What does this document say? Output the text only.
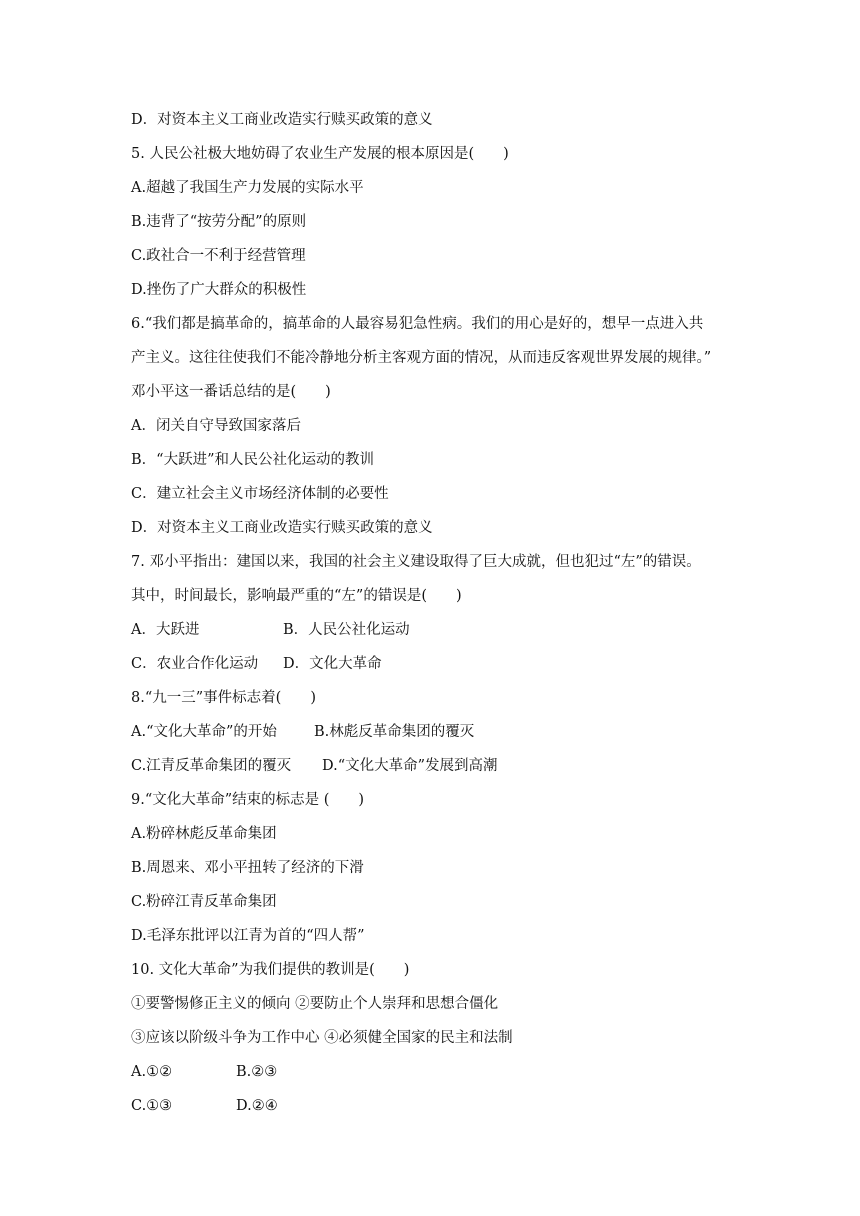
D．对资本主义工商业改造实行赎买政策的意义
5. 人民公社极大地妨碍了农业生产发展的根本原因是(　　)
A.超越了我国生产力发展的实际水平
B.违背了“按劳分配”的原则
C.政社合一不利于经营管理
D.挫伤了广大群众的积极性
6.“我们都是搞革命的，搞革命的人最容易犯急性病。我们的用心是好的，想早一点进入共
产主义。这往往使我们不能冷静地分析主客观方面的情况，从而违反客观世界发展的规律。”
邓小平这一番话总结的是(　　)
A．闭关自守导致国家落后
B．“大跃进”和人民公社化运动的教训
C．建立社会主义市场经济体制的必要性
D．对资本主义工商业改造实行赎买政策的意义
7. 邓小平指出：建国以来，我国的社会主义建设取得了巨大成就，但也犯过“左”的错误。
其中，时间最长，影响最严重的“左”的错误是(　　)
A．大跃进	B．人民公社化运动
C．农业合作化运动 D．文化大革命
8.“九一三”事件标志着(　　)
A.“文化大革命”的开始	B.林彪反革命集团的覆灭
C.江青反革命集团的覆灭 D.“文化大革命”发展到高潮
9.“文化大革命”结束的标志是 (　　)
A.粉碎林彪反革命集团
B.周恩来、邓小平扭转了经济的下滑
C.粉碎江青反革命集团
D.毛泽东批评以江青为首的“四人帮”
10. 文化大革命”为我们提供的教训是(　　)
①要警惕修正主义的倾向 ②要防止个人崇拜和思想合僵化
③应该以阶级斗争为工作中心 ④必须健全国家的民主和法制
A.①②	B.②③
C.①③	D.②④
